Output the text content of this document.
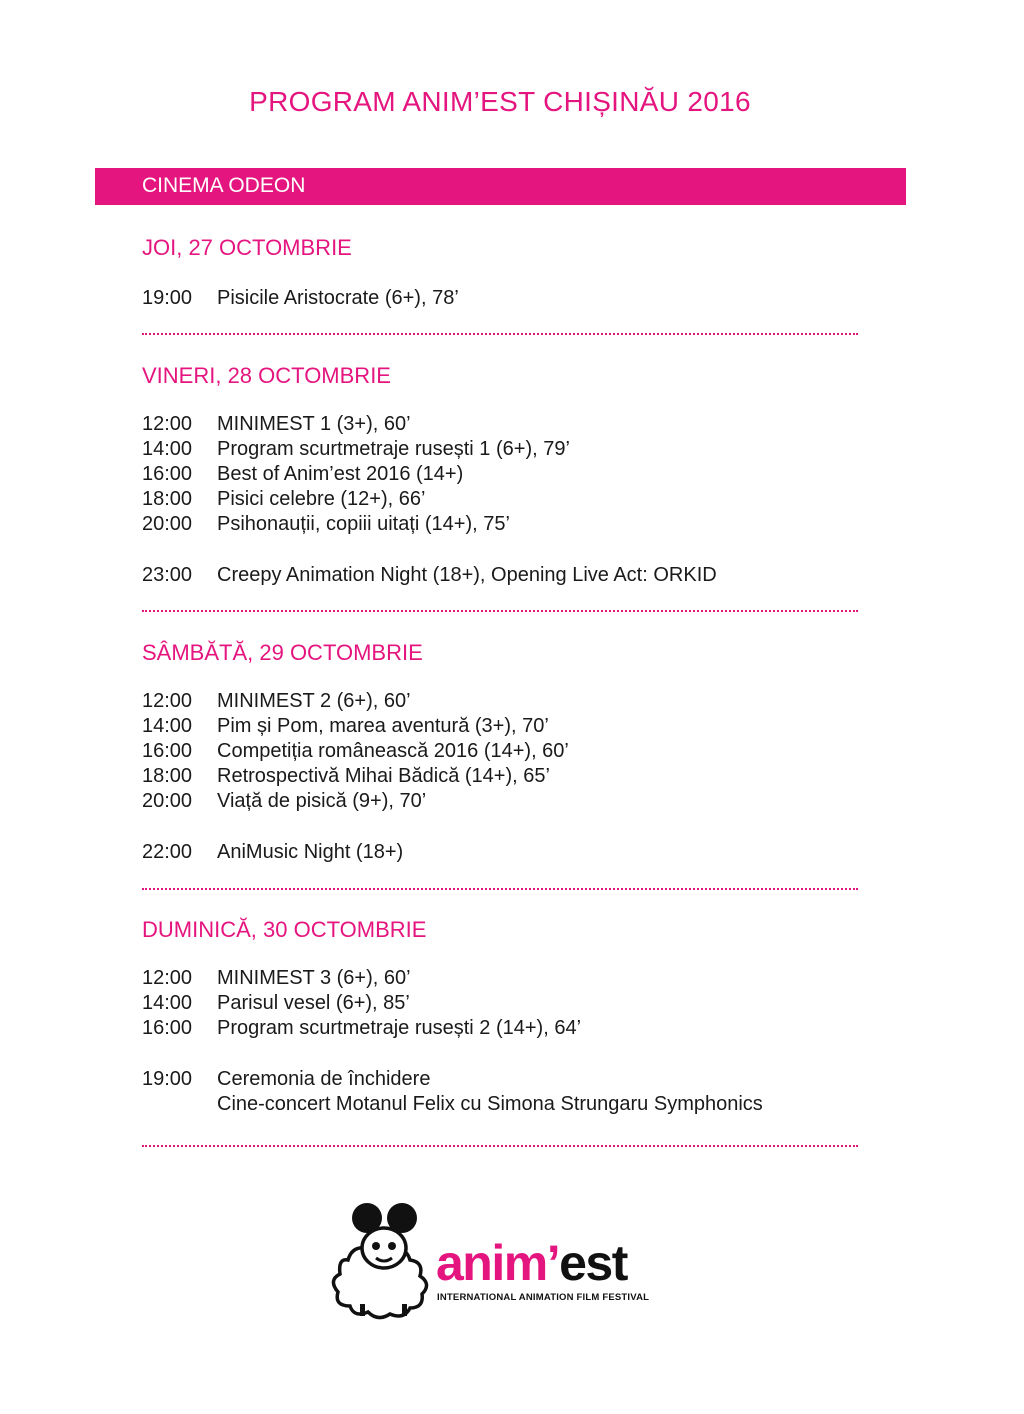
PROGRAM ANIM’EST CHIȘINĂU 2016
CINEMA ODEON
JOI, 27 OCTOMBRIE
19:00 Pisicile Aristocrate (6+), 78’
VINERI, 28 OCTOMBRIE
12:00 MINIMEST 1 (3+), 60’
14:00 Program scurtmetraje rusești 1 (6+), 79’
16:00 Best of Anim’est 2016 (14+)
18:00 Pisici celebre (12+), 66’
20:00 Psihonauții, copiii uitați (14+), 75’
23:00 Creepy Animation Night (18+), Opening Live Act: ORKID
SÂMBĂTĂ, 29 OCTOMBRIE
12:00 MINIMEST 2 (6+), 60’
14:00 Pim și Pom, marea aventură (3+), 70’
16:00 Competiția românească 2016 (14+), 60’
18:00 Retrospectivă Mihai Bădică (14+), 65’
20:00 Viață de pisică (9+), 70’
22:00 AniMusic Night (18+)
DUMINICĂ, 30 OCTOMBRIE
12:00 MINIMEST 3 (6+), 60’
14:00 Parisul vesel (6+), 85’
16:00 Program scurtmetraje rusești 2 (14+), 64’
19:00 Ceremonia de închidere
Cine-concert Motanul Felix cu Simona Strungaru Symphonics
anim’est
INTERNATIONAL ANIMATION FILM FESTIVAL
